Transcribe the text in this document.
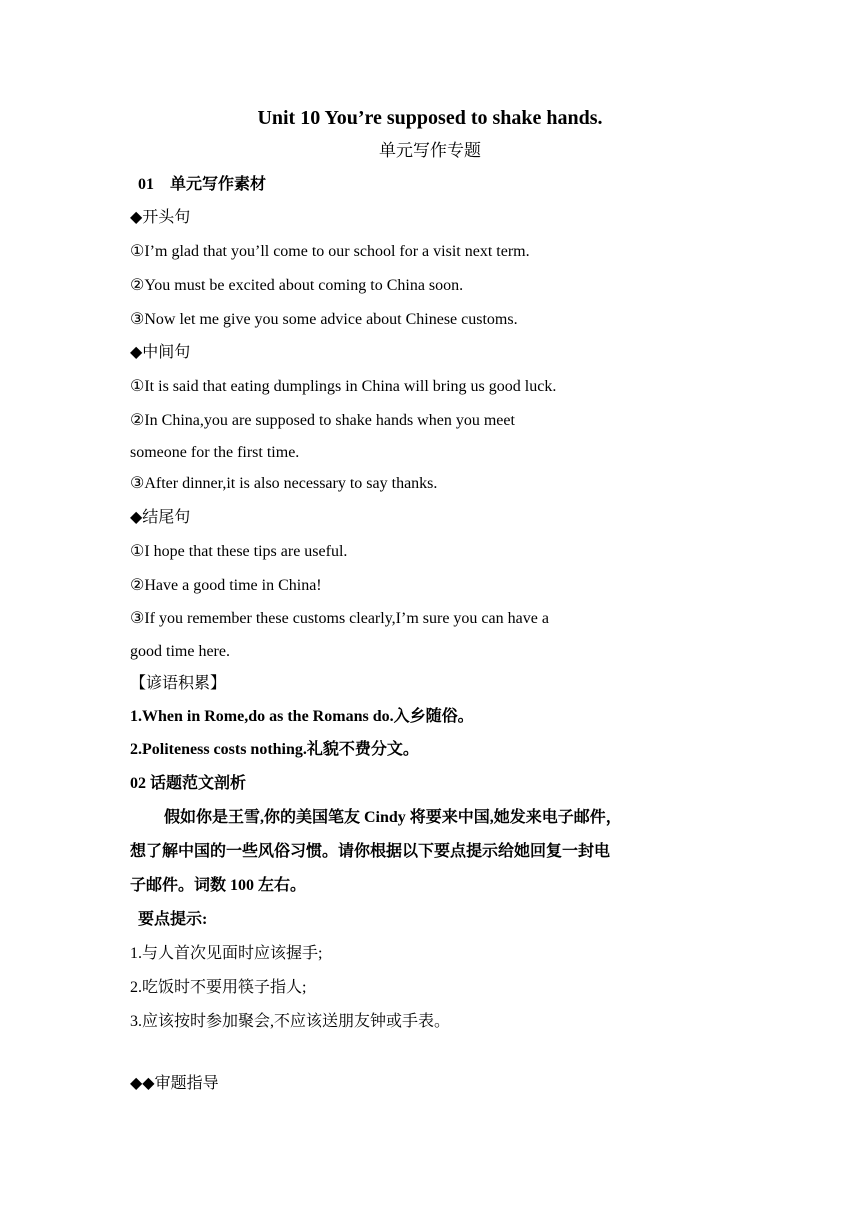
Unit 10 You’re supposed to shake hands.
单元写作专题
01　单元写作素材
◆开头句
①I’m glad that you’ll come to our school for a visit next term.
②You must be excited about coming to China soon.
③Now let me give you some advice about Chinese customs.
◆中间句
①It is said that eating dumplings in China will bring us good luck.
②In China,you are supposed to shake hands when you meet
someone for the first time.
③After dinner,it is also necessary to say thanks.
◆结尾句
①I hope that these tips are useful.
②Have a good time in China!
③If you remember these customs clearly,I’m sure you can have a
good time here.
【谚语积累】
1.When in Rome,do as the Romans do.入乡随俗。
2.Politeness costs nothing.礼貌不费分文。
02 话题范文剖析
假如你是王雪,你的美国笔友 Cindy 将要来中国,她发来电子邮件，
想了解中国的一些风俗习惯。请你根据以下要点提示给她回复一封电
子邮件。词数 100 左右。
要点提示:
1.与人首次见面时应该握手;
2.吃饭时不要用筷子指人;
3.应该按时参加聚会,不应该送朋友钟或手表。
◆◆审题指导
